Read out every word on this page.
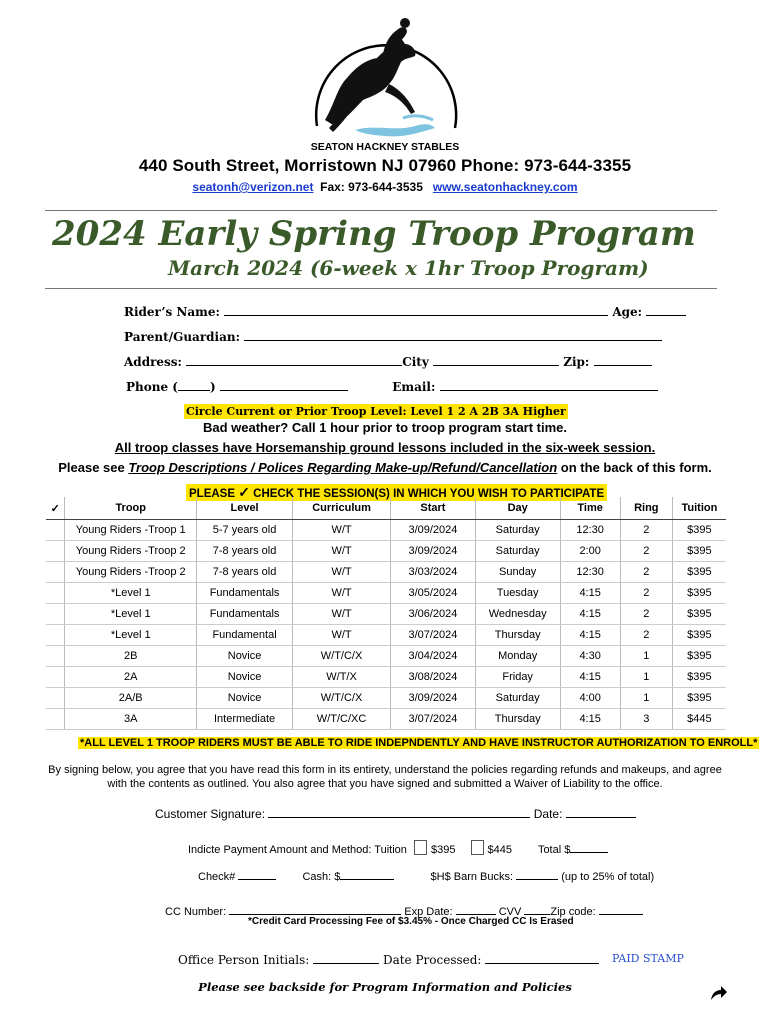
SEATON HACKNEY STABLES
440 South Street, Morristown NJ 07960 Phone: 973-644-3355
seatonh@verizon.net Fax: 973-644-3535 www.seatonhackney.com
2024 Early Spring Troop Program
March 2024 (6-week x 1hr Troop Program)
Rider’s Name:	Age:
Parent/Guardian:
Address:	City	Zip:
Phone (	)	Email:
Circle Current or Prior Troop Level: Level 1 2 A 2B 3A Higher
Bad weather? Call 1 hour prior to troop program start time.
All troop classes have Horsemanship ground lessons included in the six-week session.
Please see Troop Descriptions / Polices Regarding Make-up/Refund/Cancellation on the back of this form.
PLEASE ✓ CHECK THE SESSION(S) IN WHICH YOU WISH TO PARTICIPATE
✓	Troop	Level	Curriculum	Start	Day	Time	Ring	Tuition
	Young Riders -Troop 1	5-7 years old	W/T	3/09/2024	Saturday	12:30	2	$395
	Young Riders -Troop 2	7-8 years old	W/T	3/09/2024	Saturday	2:00	2	$395
	Young Riders -Troop 2	7-8 years old	W/T	3/03/2024	Sunday	12:30	2	$395
	*Level 1	Fundamentals	W/T	3/05/2024	Tuesday	4:15	2	$395
	*Level 1	Fundamentals	W/T	3/06/2024	Wednesday	4:15	2	$395
	*Level 1	Fundamental	W/T	3/07/2024	Thursday	4:15	2	$395
	2B	Novice	W/T/C/X	3/04/2024	Monday	4:30	1	$395
	2A	Novice	W/T/X	3/08/2024	Friday	4:15	1	$395
	2A/B	Novice	W/T/C/X	3/09/2024	Saturday	4:00	1	$395
	3A	Intermediate	W/T/C/XC	3/07/2024	Thursday	4:15	3	$445
*ALL LEVEL 1 TROOP RIDERS MUST BE ABLE TO RIDE INDEPNDENTLY AND HAVE INSTRUCTOR AUTHORIZATION TO ENROLL*
By signing below, you agree that you have read this form in its entirety, understand the policies regarding refunds and makeups, and agree with the contents as outlined. You also agree that you have signed and submitted a Waiver of Liability to the office.
Customer Signature:	Date:
Indicte Payment Amount and Method: Tuition $395	$445 Total $
Check#	Cash: $	$H$ Barn Bucks:	(up to 25% of total)
CC Number:	Exp Date:	CVV	Zip code:
*Credit Card Processing Fee of $3.45% - Once Charged CC Is Erased
Office Person Initials:	Date Processed:	PAID STAMP
Please see backside for Program Information and Policies
